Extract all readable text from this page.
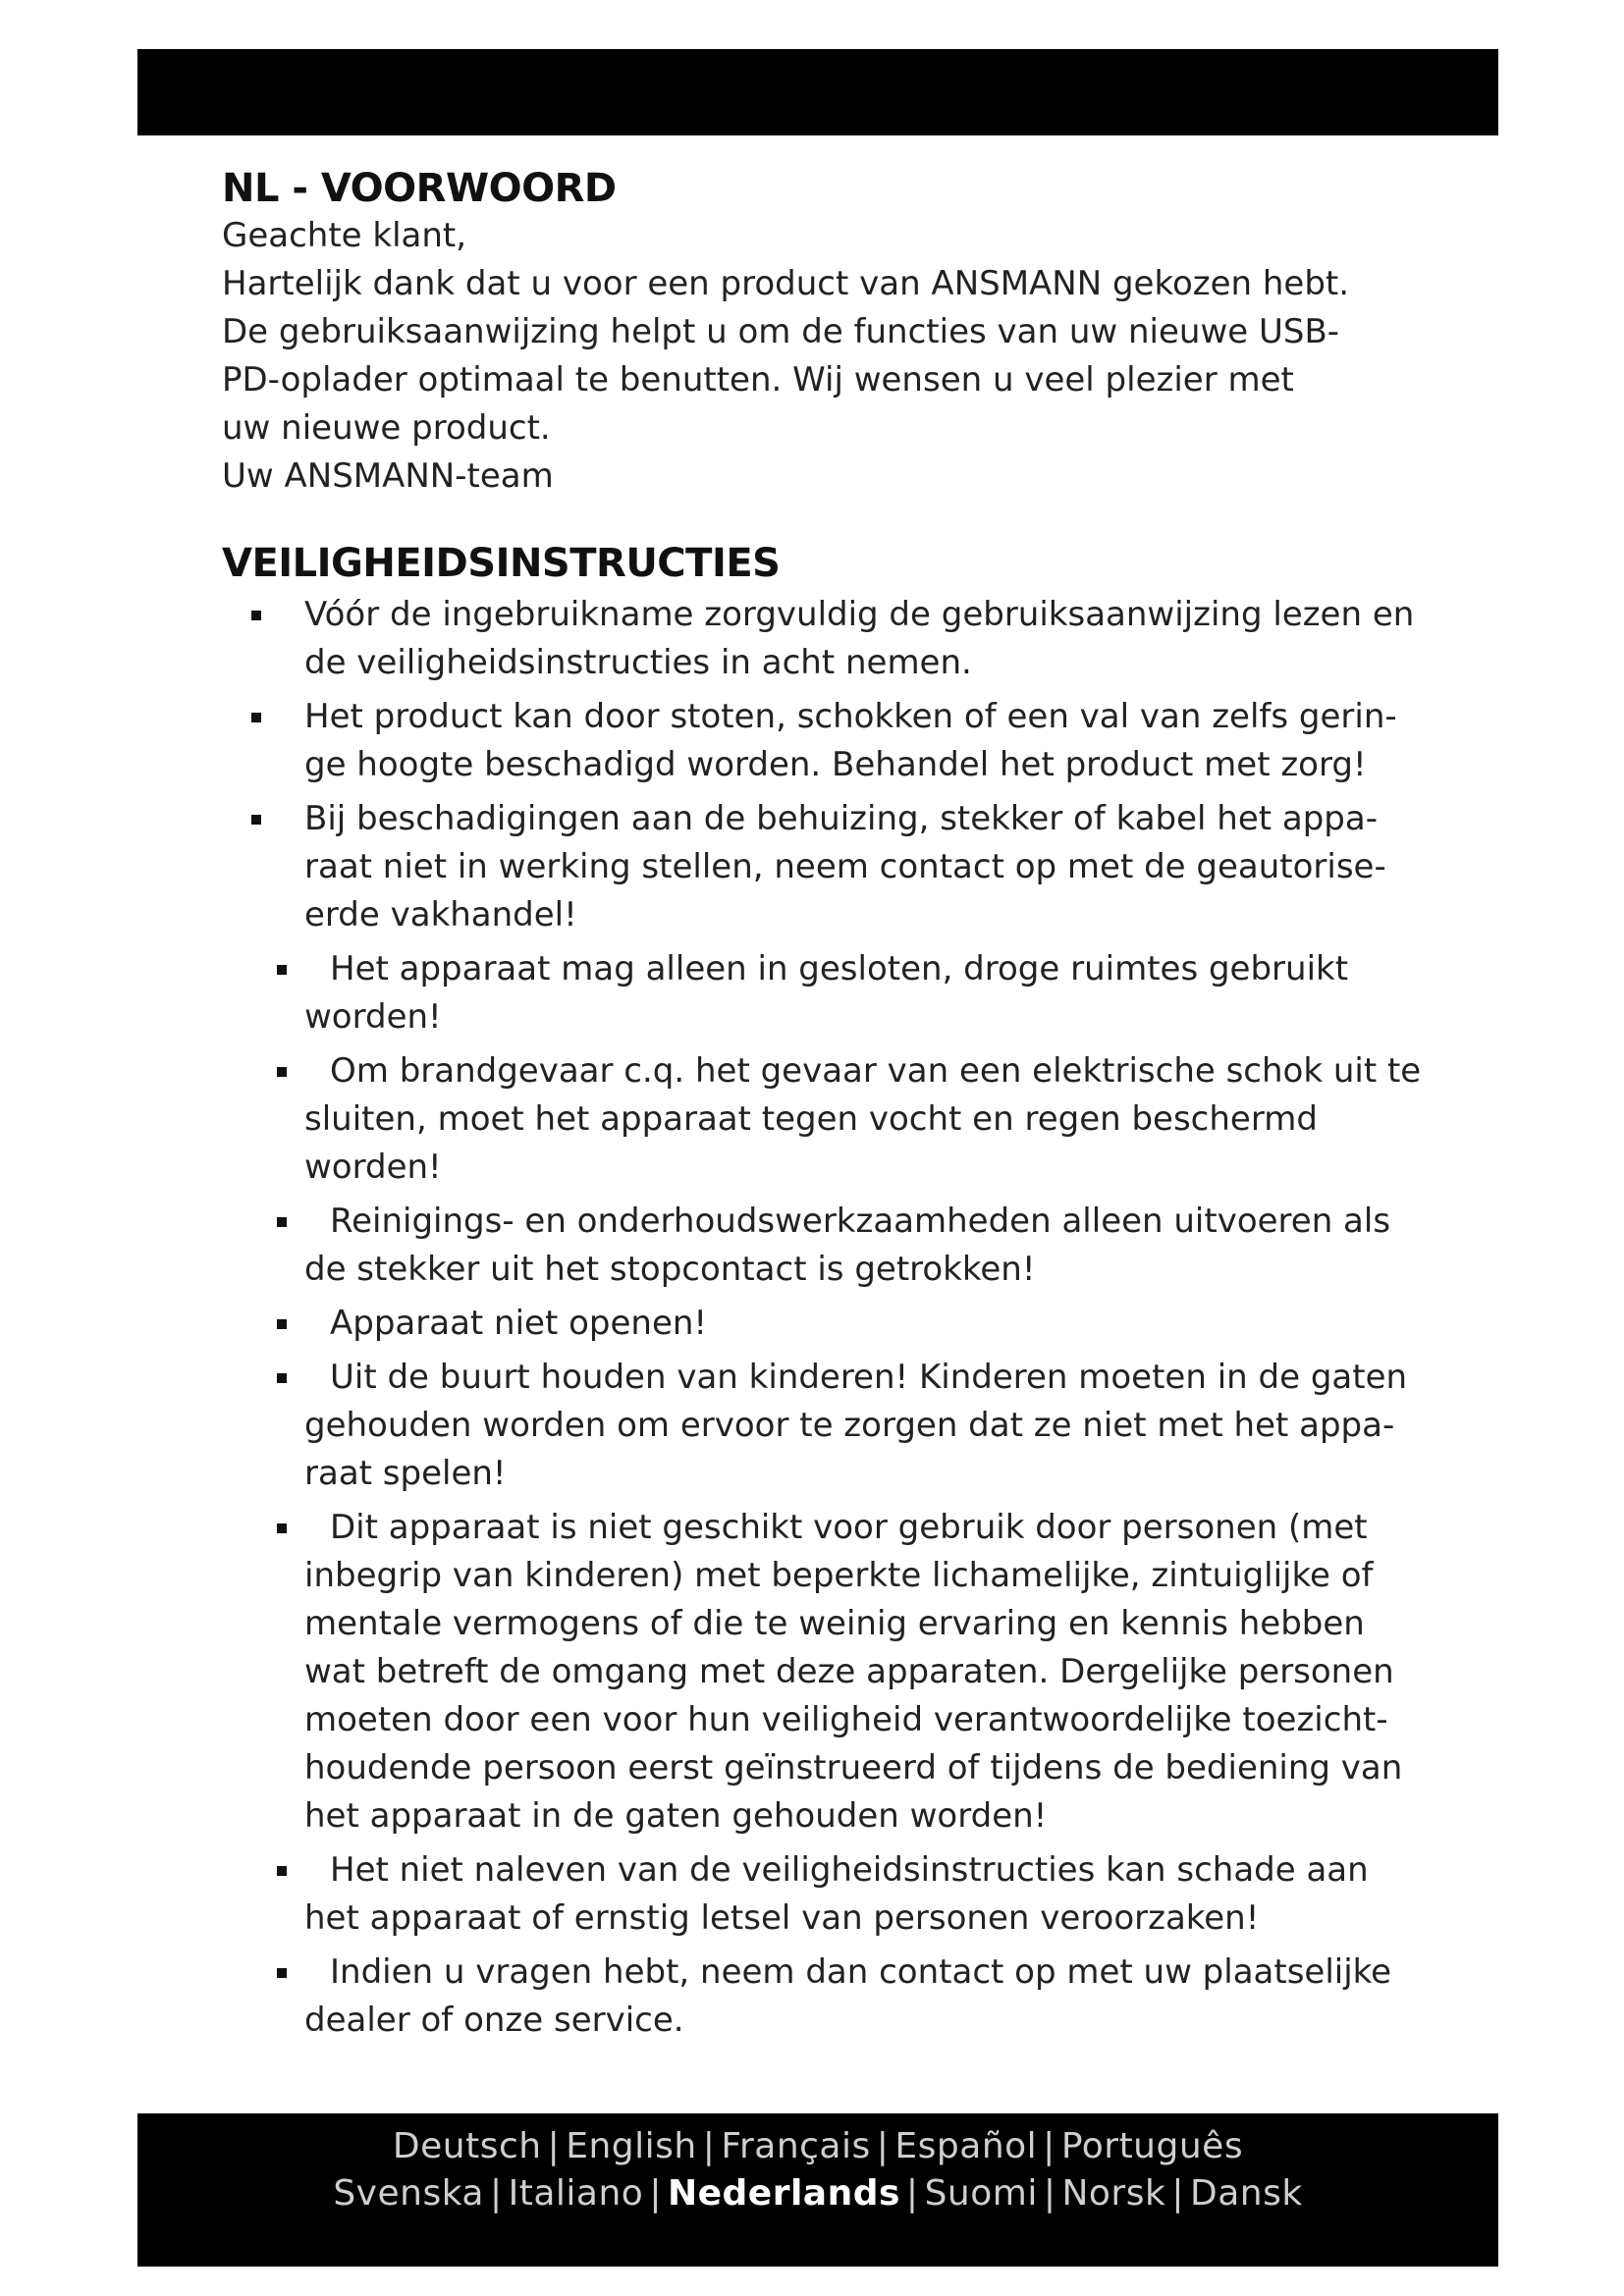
NL - VOORWOORD
Geachte klant,
Hartelijk dank dat u voor een product van ANSMANN gekozen hebt.
De gebruiksaanwijzing helpt u om de functies van uw nieuwe USB-PD-oplader optimaal te benutten. Wij wensen u veel plezier met uw nieuwe product.
Uw ANSMANN-team
VEILIGHEIDSINSTRUCTIES
Vóór de ingebruikname zorgvuldig de gebruiksaanwijzing lezen en de veiligheidsinstructies in acht nemen.
Het product kan door stoten, schokken of een val van zelfs gerin-ge hoogte beschadigd worden. Behandel het product met zorg!
Bij beschadigingen aan de behuizing, stekker of kabel het appa-raat niet in werking stellen, neem contact op met de geautorise-erde vakhandel!
Het apparaat mag alleen in gesloten, droge ruimtes gebruikt worden!
Om brandgevaar c.q. het gevaar van een elektrische schok uit te sluiten, moet het apparaat tegen vocht en regen beschermd worden!
Reinigings- en onderhoudswerkzaamheden alleen uitvoeren als de stekker uit het stopcontact is getrokken!
Apparaat niet openen!
Uit de buurt houden van kinderen! Kinderen moeten in de gaten gehouden worden om ervoor te zorgen dat ze niet met het appa-raat spelen!
Dit apparaat is niet geschikt voor gebruik door personen (met inbegrip van kinderen) met beperkte lichamelijke, zintuiglijke of mentale vermogens of die te weinig ervaring en kennis hebben wat betreft de omgang met deze apparaten. Dergelijke personen moeten door een voor hun veiligheid verantwoordelijke toezicht-houdende persoon eerst geïnstrueerd of tijdens de bediening van het apparaat in de gaten gehouden worden!
Het niet naleven van de veiligheidsinstructies kan schade aan het apparaat of ernstig letsel van personen veroorzaken!
Indien u vragen hebt, neem dan contact op met uw plaatselijke dealer of onze service.
Deutsch | English | Français | Español | Português
Svenska | Italiano | Nederlands | Suomi | Norsk | Dansk
